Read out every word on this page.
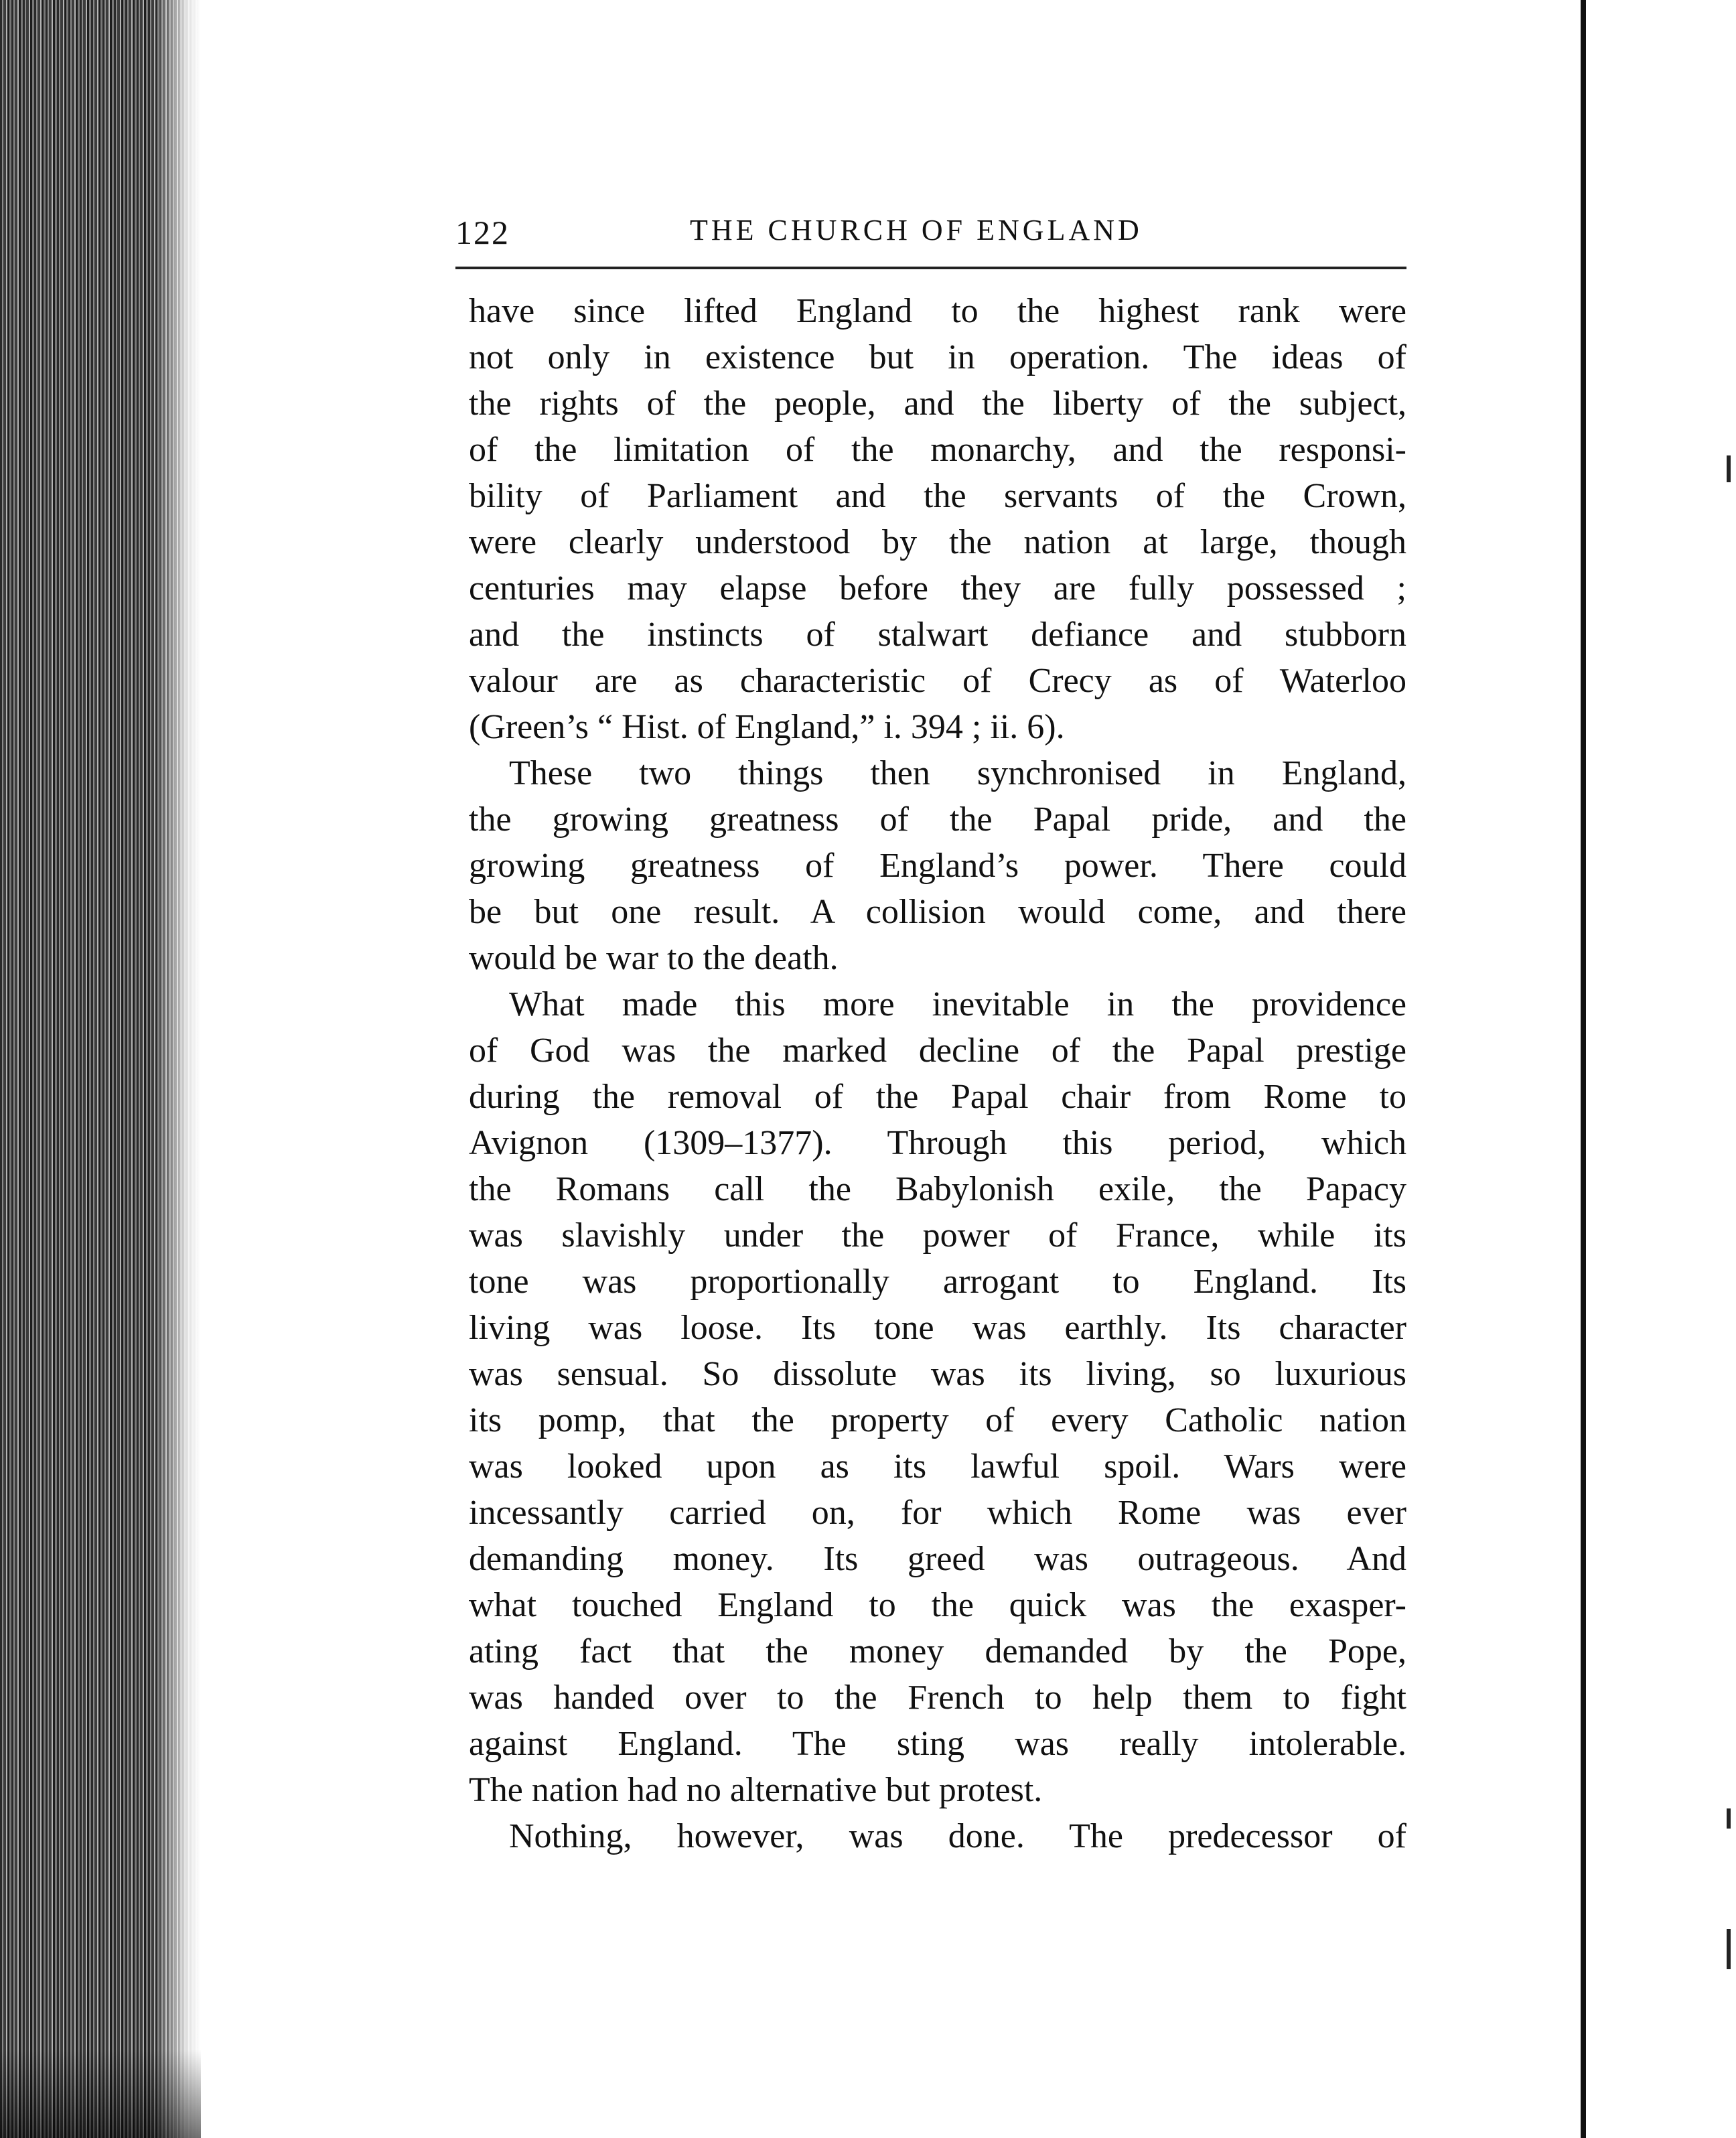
122	THE CHURCH OF ENGLAND
have since lifted England to the highest rank were
not only in existence but in operation. The ideas of
the rights of the people, and the liberty of the subject,
of the limitation of the monarchy, and the responsi-
bility of Parliament and the servants of the Crown,
were clearly understood by the nation at large, though
centuries may elapse before they are fully possessed ;
and the instincts of stalwart defiance and stubborn
valour are as characteristic of Crecy as of Waterloo
(Green’s “ Hist. of England,” i. 394 ; ii. 6).
These two things then synchronised in England,
the growing greatness of the Papal pride, and the
growing greatness of England’s power. There could
be but one result. A collision would come, and there
would be war to the death.
What made this more inevitable in the providence
of God was the marked decline of the Papal prestige
during the removal of the Papal chair from Rome to
Avignon (1309–1377). Through this period, which
the Romans call the Babylonish exile, the Papacy
was slavishly under the power of France, while its
tone was proportionally arrogant to England. Its
living was loose. Its tone was earthly. Its character
was sensual. So dissolute was its living, so luxurious
its pomp, that the property of every Catholic nation
was looked upon as its lawful spoil. Wars were
incessantly carried on, for which Rome was ever
demanding money. Its greed was outrageous. And
what touched England to the quick was the exasper-
ating fact that the money demanded by the Pope,
was handed over to the French to help them to fight
against England. The sting was really intolerable.
The nation had no alternative but protest.
Nothing, however, was done. The predecessor of
